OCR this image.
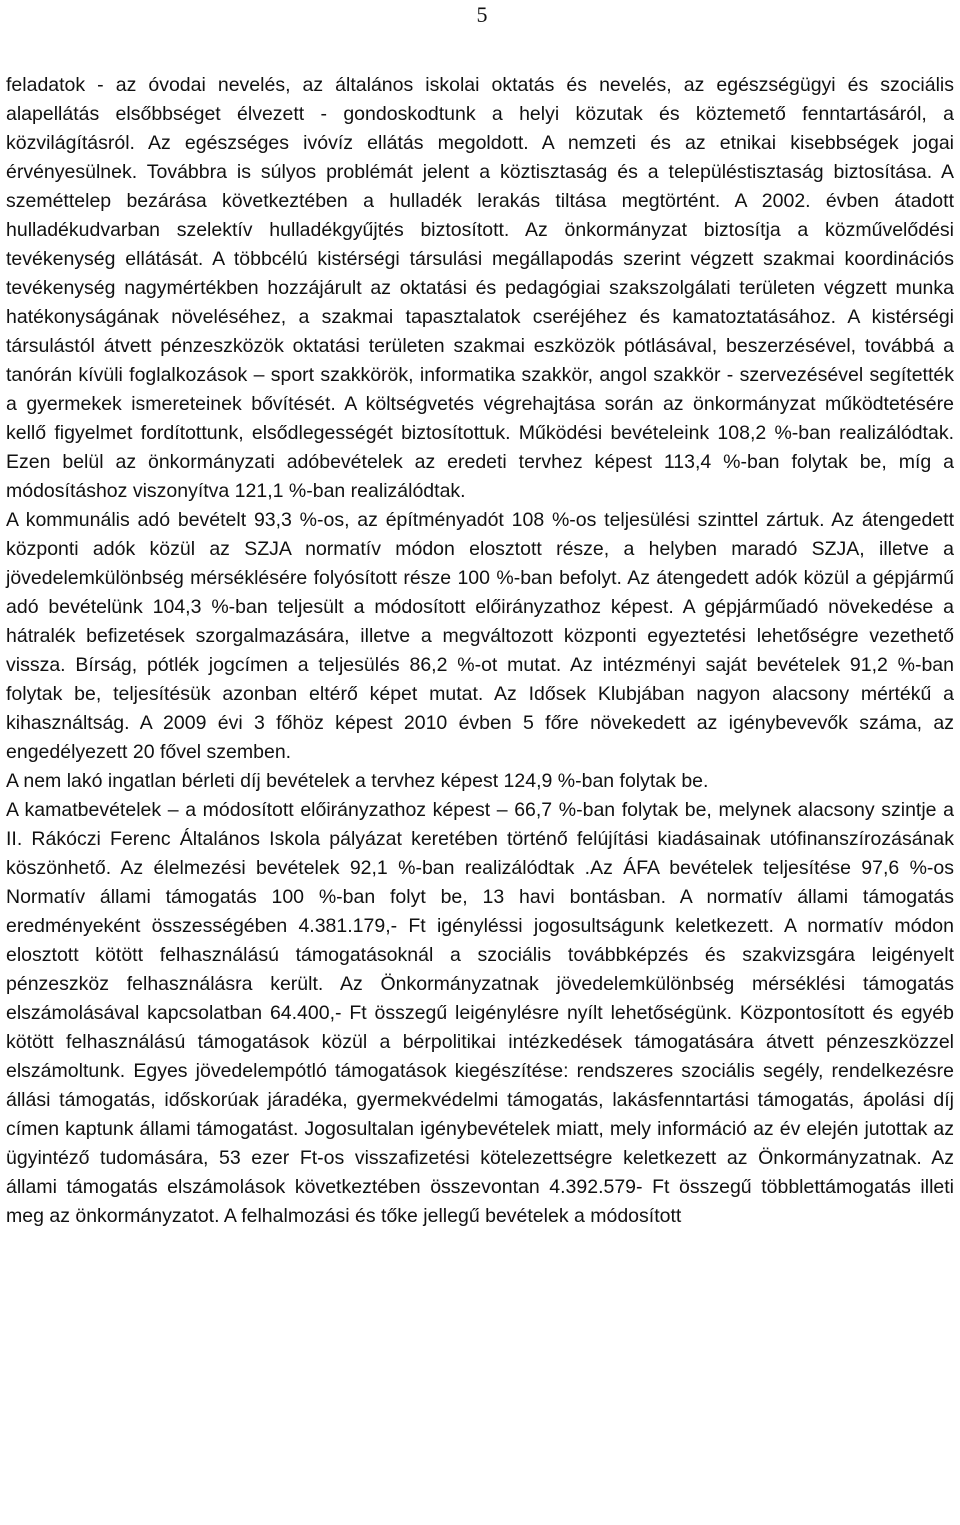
5

feladatok - az óvodai nevelés, az általános iskolai oktatás és nevelés, az egészségügyi és szociális alapellátás elsőbbséget élvezett - gondoskodtunk a helyi közutak és köztemető fenntartásáról, a közvilágításról. Az egészséges ivóvíz ellátás megoldott. A nemzeti és az etnikai kisebbségek jogai érvényesülnek. Továbbra is súlyos problémát jelent a köztisztaság és a településtisztaság biztosítása. A szeméttelep bezárása következtében a hulladék lerakás tiltása megtörtént. A 2002. évben átadott hulladékudvarban szelektív hulladékgyűjtés biztosított. Az önkormányzat biztosítja a közművelődési tevékenység ellátását. A többcélú kistérségi társulási megállapodás szerint végzett szakmai koordinációs tevékenység nagymértékben hozzájárult az oktatási és pedagógiai szakszolgálati területen végzett munka hatékonyságának növeléséhez, a szakmai tapasztalatok cseréjéhez és kamatoztatásához. A kistérségi társulástól átvett pénzeszközök oktatási területen szakmai eszközök pótlásával, beszerzésével, továbbá a tanórán kívüli foglalkozások – sport szakkörök, informatika szakkör, angol szakkör - szervezésével segítették a gyermekek ismereteinek bővítését. A költségvetés végrehajtása során az önkormányzat működtetésére kellő figyelmet fordítottunk, elsődlegességét biztosítottuk. Működési bevételeink 108,2 %-ban realizálódtak. Ezen belül az önkormányzati adóbevételek az eredeti tervhez képest 113,4 %-ban folytak be, míg a módosításhoz viszonyítva 121,1 %-ban realizálódtak.

A kommunális adó bevételt 93,3 %-os, az építményadót 108 %-os teljesülési szinttel zártuk. Az átengedett központi adók közül az SZJA normatív módon elosztott része, a helyben maradó SZJA, illetve a jövedelemkülönbség mérséklésére folyósított része 100 %-ban befolyt. Az átengedett adók közül a gépjármű adó bevételünk 104,3 %-ban teljesült a módosított előirányzathoz képest. A gépjárműadó növekedése a hátralék befizetések szorgalmazására, illetve a megváltozott központi egyeztetési lehetőségre vezethető vissza. Bírság, pótlék jogcímen a teljesülés 86,2 %-ot mutat. Az intézményi saját bevételek 91,2 %-ban folytak be, teljesítésük azonban eltérő képet mutat. Az Idősek Klubjában nagyon alacsony mértékű a kihasználtság. A 2009 évi 3 főhöz képest 2010 évben 5 főre növekedett az igénybevevők száma, az engedélyezett 20 fővel szemben.

A nem lakó ingatlan bérleti díj bevételek a tervhez képest 124,9 %-ban folytak be.

A kamatbevételek – a módosított előirányzathoz képest – 66,7 %-ban folytak be, melynek alacsony szintje a II. Rákóczi Ferenc Általános Iskola pályázat keretében történő felújítási kiadásainak utófinanszírozásának köszönhető. Az élelmezési bevételek 92,1 %-ban realizálódtak .Az ÁFA bevételek teljesítése 97,6 %-os Normatív állami támogatás 100 %-ban folyt be, 13 havi bontásban. A normatív állami támogatás eredményeként összességében 4.381.179,- Ft igényléssi jogosultságunk keletkezett. A normatív módon elosztott kötött felhasználású támogatásoknál a szociális továbbképzés és szakvizsgára leigényelt pénzeszköz felhasználásra került. Az Önkormányzatnak jövedelemkülönbség mérséklési támogatás elszámolásával kapcsolatban 64.400,- Ft összegű leigénylésre nyílt lehetőségünk. Központosított és egyéb kötött felhasználású támogatások közül a bérpolitikai intézkedések támogatására átvett pénzeszközzel elszámoltunk. Egyes jövedelempótló támogatások kiegészítése: rendszeres szociális segély, rendelkezésre állási támogatás, időskorúak járadéka, gyermekvédelmi támogatás, lakásfenntartási támogatás, ápolási díj címen kaptunk állami támogatást. Jogosultalan igénybevételek miatt, mely információ az év elején jutottak az ügyintéző tudomására, 53 ezer Ft-os visszafizetési kötelezettségre keletkezett az Önkormányzatnak. Az állami támogatás elszámolások következtében összevontan 4.392.579- Ft összegű többlettámogatás illeti meg az önkormányzatot. A felhalmozási és tőke jellegű bevételek a módosított
